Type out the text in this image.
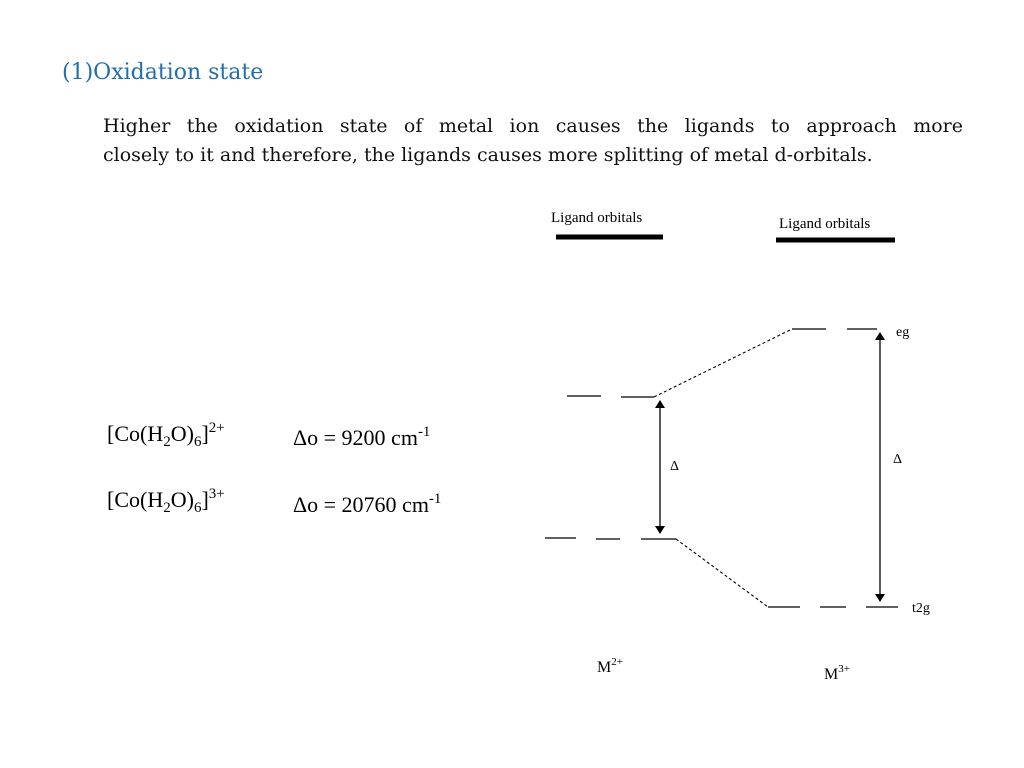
(1)Oxidation state
Higher the oxidation state of metal ion causes the ligands to approach more
closely to it and therefore, the ligands causes more splitting of metal d-orbitals.
$[Co(H_2O)_6]^{2+}$	Δo = 9200 $cm^{-1}$
$[Co(H_2O)_6]^{3+}$	Δo = 20760 $cm^{-1}$
Ligand orbitals	Ligand orbitals
Δ	Δ
eg
t2g
$M^{2+}$
$M^{3+}$
